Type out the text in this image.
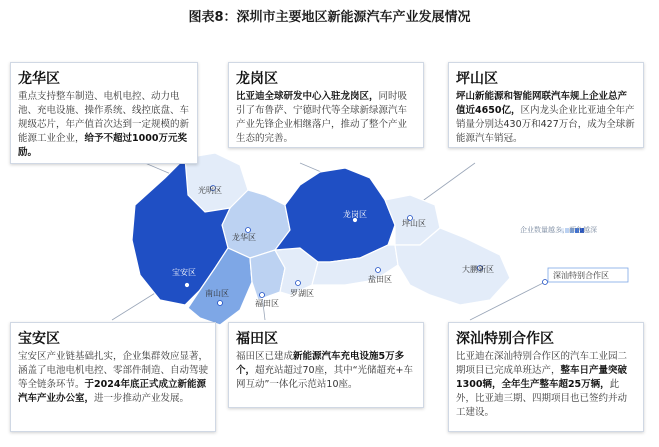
图表8：深圳市主要地区新能源汽车产业发展情况
光明区
龙华区
宝安区
南山区
福田区
罗湖区
龙岗区
坪山区
盐田区
大鹏新区
深汕特别合作区
企业数量越多，颜色越深
龙华区
重点支持整车制造、电机电控、动力电池、充电设施、操作系统、线控底盘、车规级芯片，年产值首次达到一定规模的新能源工业企业，给予不超过1000万元奖励。
龙岗区
比亚迪全球研发中心入驻龙岗区，同时吸引了布鲁萨、宁德时代等全球新绿源汽车产业先锋企业相继落户，推动了整个产业生态的完善。
坪山区
坪山新能源和智能网联汽车规上企业总产值近4650亿，区内龙头企业比亚迪全年产销量分别达430万和427万台，成为全球新能源汽车销冠。
宝安区
宝安区产业链基础扎实，企业集群效应显著，涵盖了电池电机电控、零部件制造、自动驾驶等全链条环节。于2024年底正式成立新能源汽车产业办公室，进一步推动产业发展。
福田区
福田区已建成新能源汽车充电设施5万多个，超充站超过70座，其中“光储超充+车网互动”一体化示范站10座。
深汕特别合作区
比亚迪在深汕特别合作区的汽车工业园二期项目已完成单班达产，整车日产量突破1300辆，全年生产整车超25万辆，此外，比亚迪三期、四期项目也已签约并动工建设。
